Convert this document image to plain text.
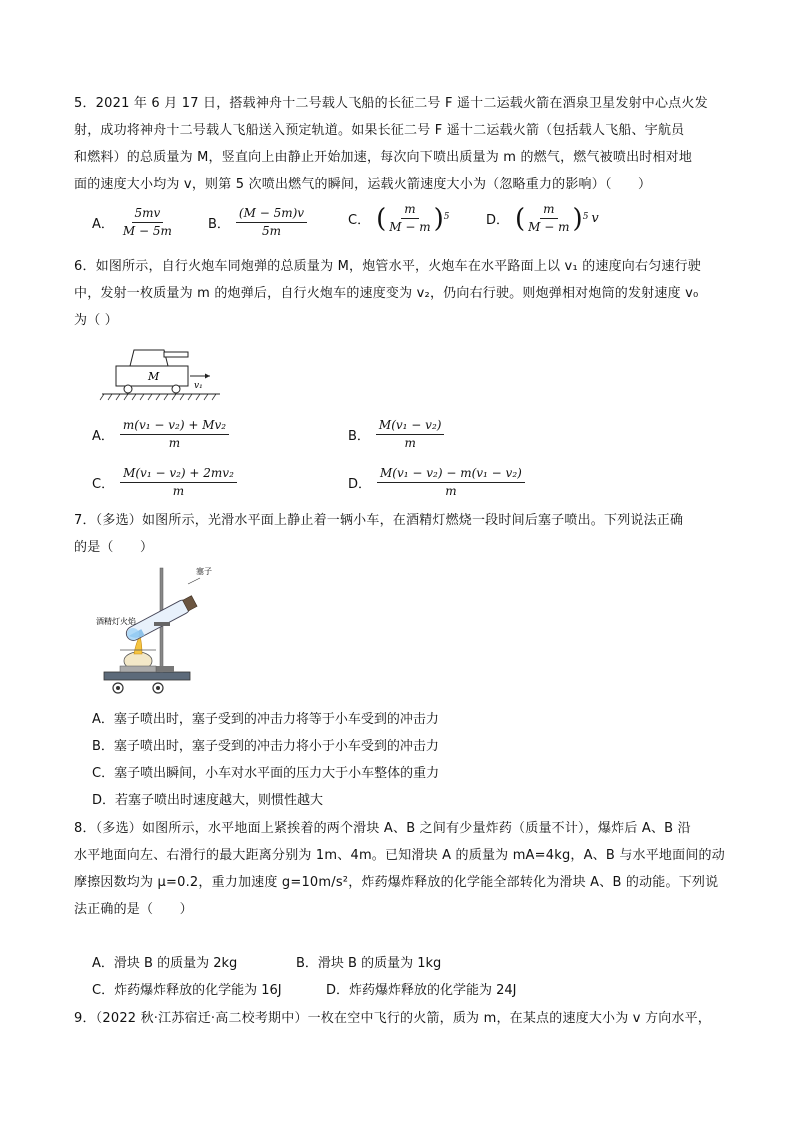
5．2021 年 6 月 17 日，搭载神舟十二号载人飞船的长征二号 F 遥十二运载火箭在酒泉卫星发射中心点火发
射，成功将神舟十二号载人飞船送入预定轨道。如果长征二号 F 遥十二运载火箭（包括载人飞船、宇航员
和燃料）的总质量为 M，竖直向上由静止开始加速，每次向下喷出质量为 m 的燃气，燃气被喷出时相对地
面的速度大小均为 v，则第 5 次喷出燃气的瞬间，运载火箭速度大小为（忽略重力的影响）（　　）
A． $\frac{5mv}{M - 5m}$	B． $\frac{(M - 5m)v}{5m}$	C． ( $\frac{m}{M - m}$ ) 5	D． ( $\frac{m}{M - m}$ ) 5 v
6．如图所示，自行火炮车同炮弹的总质量为 M，炮管水平，火炮车在水平路面上以 v₁ 的速度向右匀速行驶
中，发射一枚质量为 m 的炮弹后，自行火炮车的速度变为 v₂，仍向右行驶。则炮弹相对炮筒的发射速度 v₀
为（ ）
M
v₁
A． $\frac{\text{m(v₁ − v₂) + Mv₂}}{m}$	B． $\frac{\text{M(v₁ − v₂)}}{m}$
C． $\frac{\text{M(v₁ − v₂) + 2mv₂}}{m}$	D． $\frac{\text{M(v₁ − v₂) − m(v₁ − v₂)}}{m}$
7．（多选）如图所示，光滑水平面上静止着一辆小车，在酒精灯燃烧一段时间后塞子喷出。下列说法正确
的是（　　）
塞子
酒精灯火焰
A．塞子喷出时，塞子受到的冲击力将等于小车受到的冲击力
B．塞子喷出时，塞子受到的冲击力将小于小车受到的冲击力
C．塞子喷出瞬间，小车对水平面的压力大于小车整体的重力
D．若塞子喷出时速度越大，则惯性越大
8．（多选）如图所示，水平地面上紧挨着的两个滑块 A、B 之间有少量炸药（质量不计），爆炸后 A、B 沿
水平地面向左、右滑行的最大距离分别为 1m、4m。已知滑块 A 的质量为 mA=4kg，A、B 与水平地面间的动
摩擦因数均为 μ=0.2，重力加速度 g=10m/s²，炸药爆炸释放的化学能全部转化为滑块 A、B 的动能。下列说
法正确的是（　　）
A．滑块 B 的质量为 2kg	B．滑块 B 的质量为 1kg
C．炸药爆炸释放的化学能为 16J	D．炸药爆炸释放的化学能为 24J
9．（2022 秋·江苏宿迁·高二校考期中）一枚在空中飞行的火箭，质为 m，在某点的速度大小为 v 方向水平，
